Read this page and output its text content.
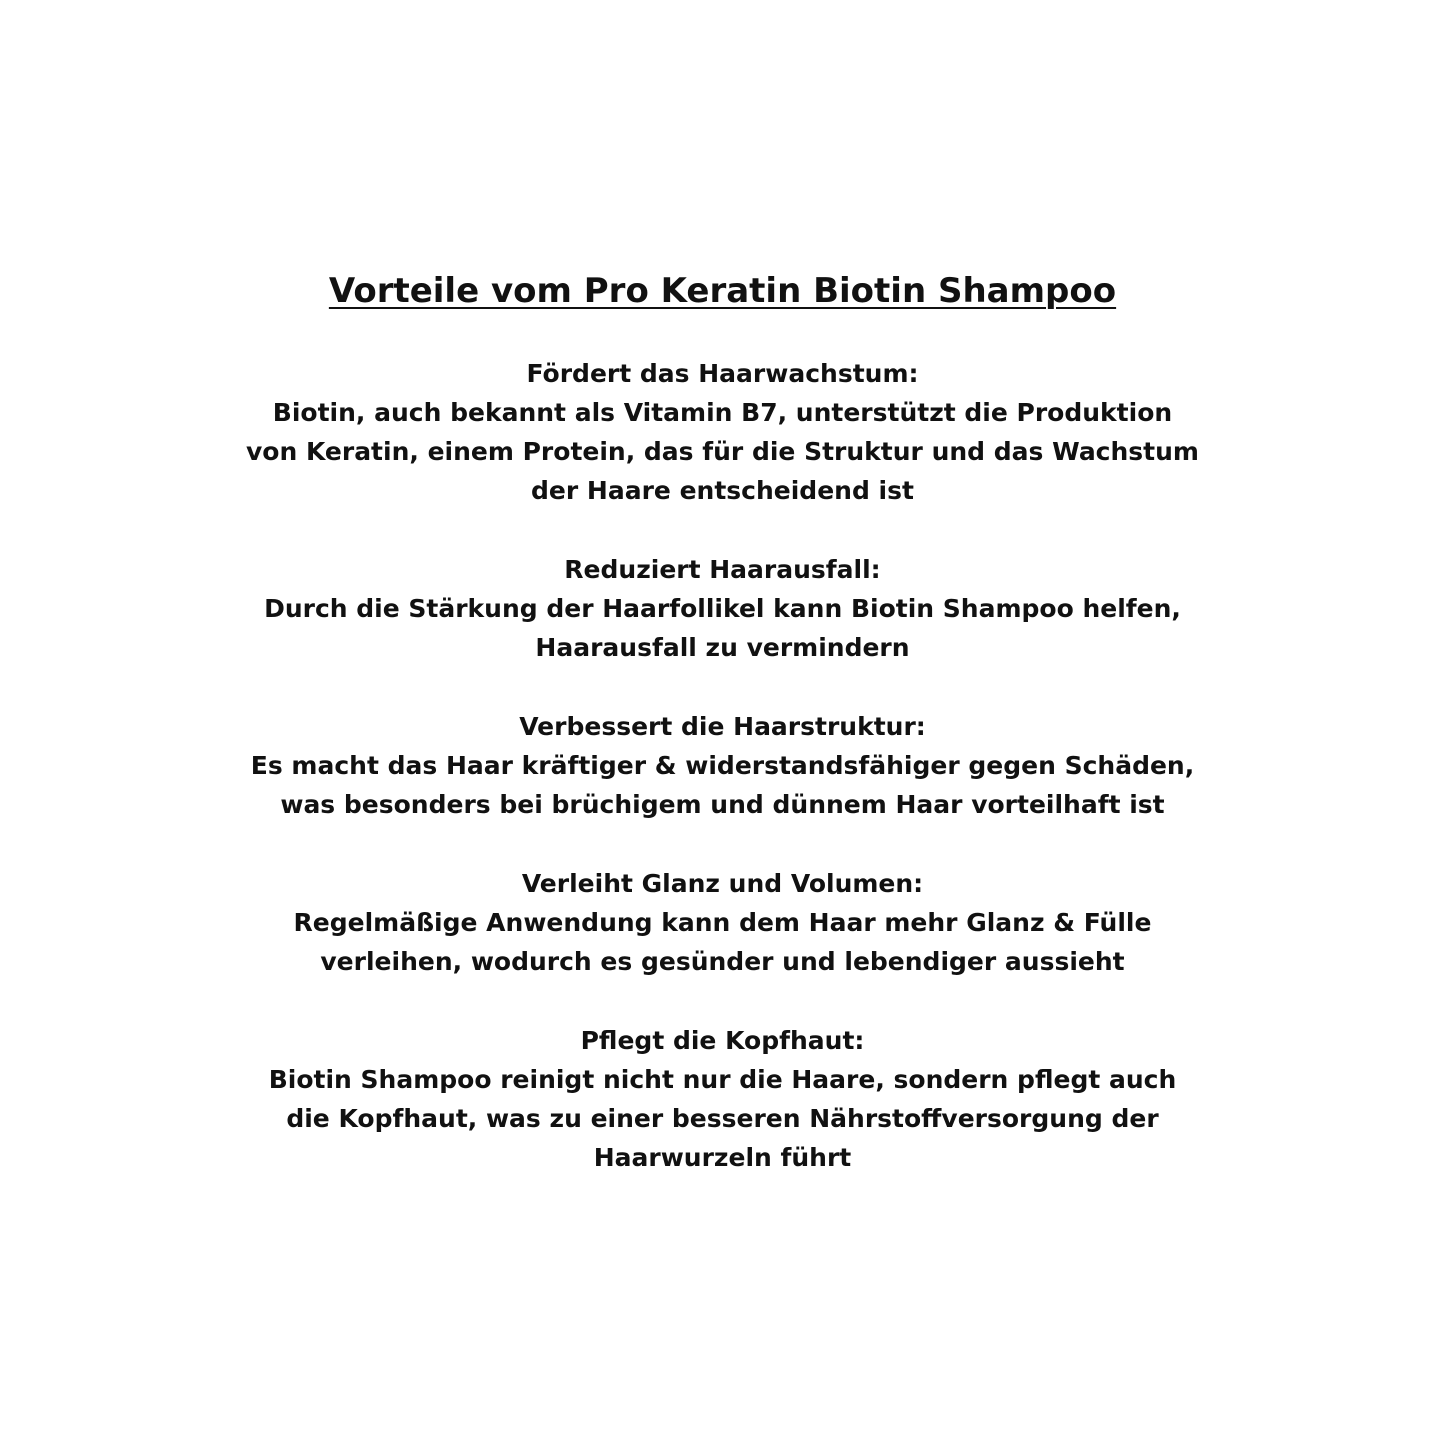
Vorteile vom Pro Keratin Biotin Shampoo
Fördert das Haarwachstum:
Biotin, auch bekannt als Vitamin B7, unterstützt die Produktion
von Keratin, einem Protein, das für die Struktur und das Wachstum
der Haare entscheidend ist
Reduziert Haarausfall:
Durch die Stärkung der Haarfollikel kann Biotin Shampoo helfen,
Haarausfall zu vermindern
Verbessert die Haarstruktur:
Es macht das Haar kräftiger & widerstandsfähiger gegen Schäden,
was besonders bei brüchigem und dünnem Haar vorteilhaft ist
Verleiht Glanz und Volumen:
Regelmäßige Anwendung kann dem Haar mehr Glanz & Fülle
verleihen, wodurch es gesünder und lebendiger aussieht
Pflegt die Kopfhaut:
Biotin Shampoo reinigt nicht nur die Haare, sondern pflegt auch
die Kopfhaut, was zu einer besseren Nährstoffversorgung der
Haarwurzeln führt
